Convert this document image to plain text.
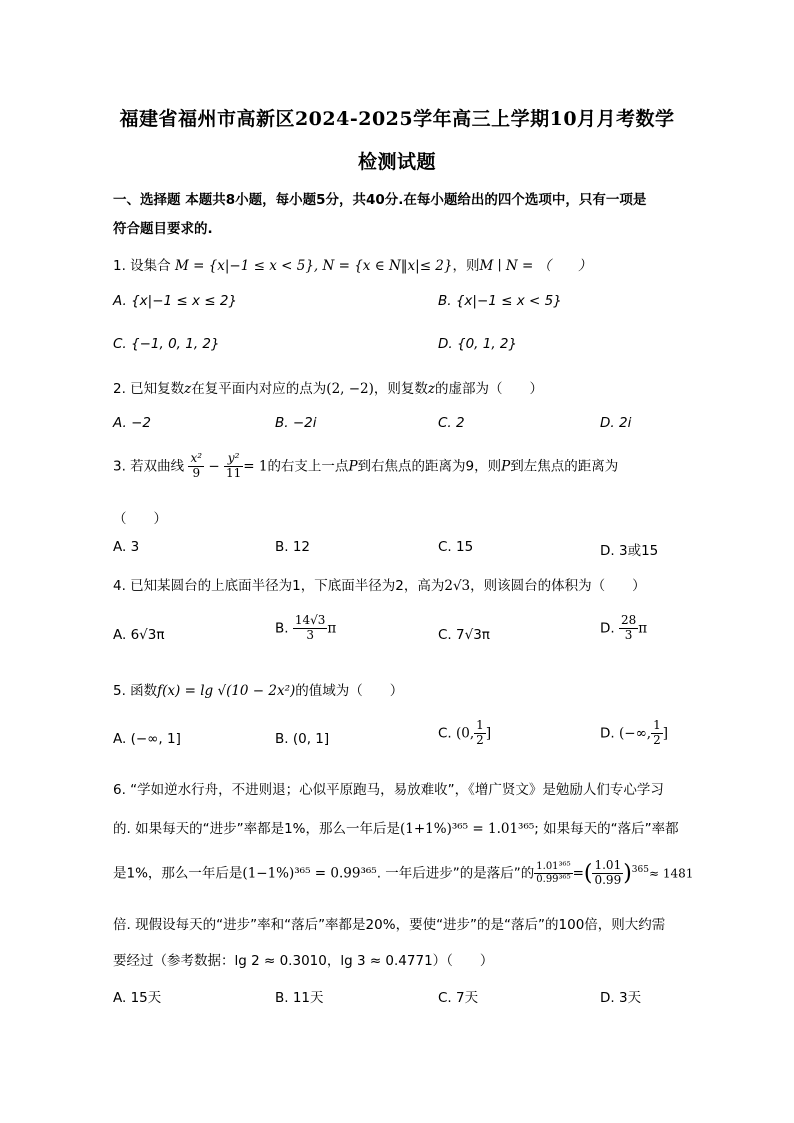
福建省福州市高新区2024-2025学年高三上学期10月月考数学
检测试题
一、选择题 本题共8小题，每小题5分，共40分.在每小题给出的四个选项中，只有一项是
符合题目要求的.
1. 设集合 M = {x|−1 ≤ x < 5}, N = {x ∈ N‖x|≤ 2}，则M ∣ N = （　　）
A. {x|−1 ≤ x ≤ 2}	B. {x|−1 ≤ x < 5}
C. {−1, 0, 1, 2}	D. {0, 1, 2}
2. 已知复数z在复平面内对应的点为(2, −2)，则复数z的虚部为（　　）
A. −2	B. −2i	C. 2	D. 2i
3. 若双曲线 $\frac{\text{x²}}{9} - \frac{\text{y²}}{11} = 1$的右支上一点P到右焦点的距离为9，则P到左焦点的距离为
（　　）
A. 3	B. 12	C. 15	D. 3或15
4. 已知某圆台的上底面半径为1，下底面半径为2，高为2√3，则该圆台的体积为（　　）
A. 6√3π	B. $\frac{14√3}{3}$ π	C. 7√3π	D. $\frac{28}{3}$ π
5. 函数f(x) = lg √(10 − 2x²)的值域为（　　）
A. (−∞, 1]	B. (0, 1]	C. (0, $\frac{1}{2}$ ]	D. (−∞, $\frac{1}{2}$ ]
6. “学如逆水行舟，不进则退；心似平原跑马，易放难收”，《增广贤文》是勉励人们专心学习
的. 如果每天的“进步”率都是1%，那么一年后是(1+1%)³⁶⁵ = 1.01³⁶⁵; 如果每天的“落后”率都
是1%，那么一年后是(1−1%)³⁶⁵ = 0.99³⁶⁵. 一年后进步”的是落后”的 $\frac{\text{1.01³⁶⁵}}{\text{0.99³⁶⁵}}$ =( $\frac{1.01}{0.99} )^{365}\approx 1481$
倍. 现假设每天的“进步”率和“落后”率都是20%，要使“进步”的是“落后”的100倍，则大约需
要经过（参考数据：lg 2 ≈ 0.3010，lg 3 ≈ 0.4771）（　　）
A. 15天	B. 11天	C. 7天	D. 3天
